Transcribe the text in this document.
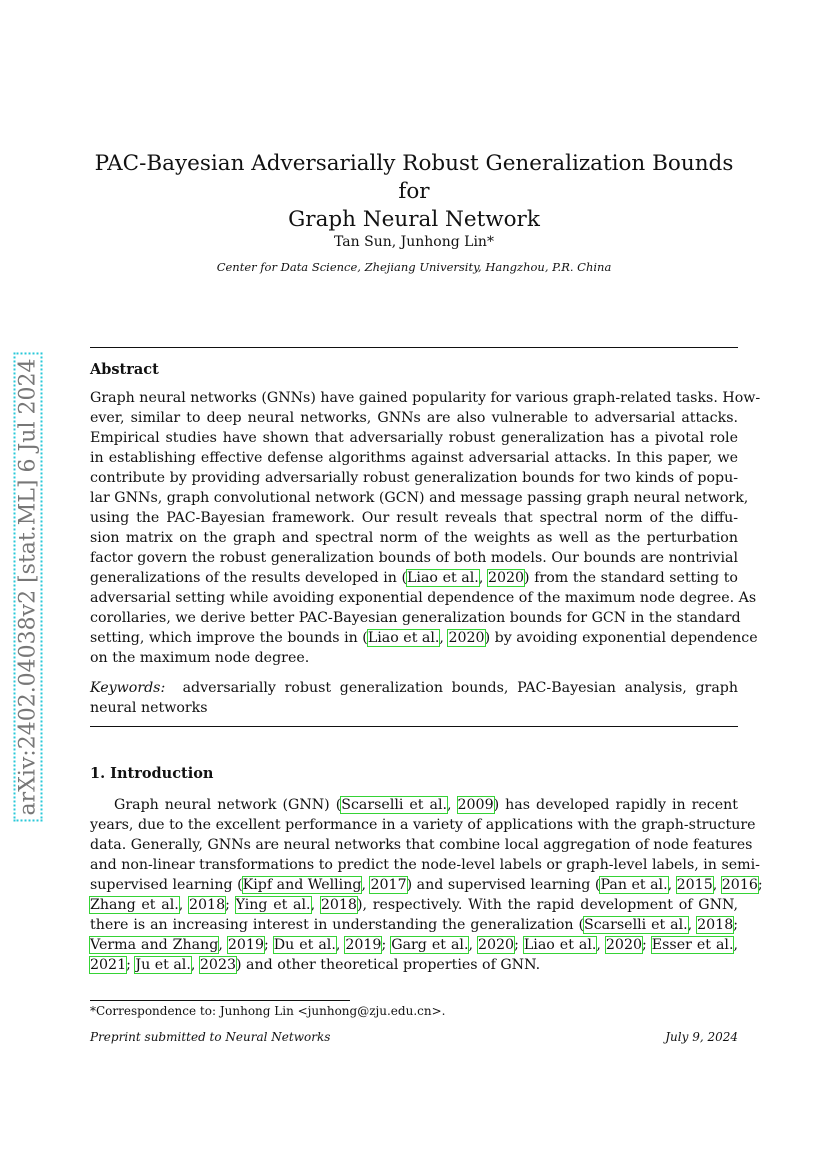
arXiv:2402.04038v2 [stat.ML] 6 Jul 2024
PAC-Bayesian Adversarially Robust Generalization Bounds for
Graph Neural Network
Tan Sun, Junhong Lin*
Center for Data Science, Zhejiang University, Hangzhou, P.R. China
Abstract
Graph neural networks (GNNs) have gained popularity for various graph-related tasks. How-
ever, similar to deep neural networks, GNNs are also vulnerable to adversarial attacks.
Empirical studies have shown that adversarially robust generalization has a pivotal role
in establishing effective defense algorithms against adversarial attacks. In this paper, we
contribute by providing adversarially robust generalization bounds for two kinds of popu-
lar GNNs, graph convolutional network (GCN) and message passing graph neural network,
using the PAC-Bayesian framework. Our result reveals that spectral norm of the diffu-
sion matrix on the graph and spectral norm of the weights as well as the perturbation
factor govern the robust generalization bounds of both models. Our bounds are nontrivial
generalizations of the results developed in (Liao et al., 2020) from the standard setting to
adversarial setting while avoiding exponential dependence of the maximum node degree. As
corollaries, we derive better PAC-Bayesian generalization bounds for GCN in the standard
setting, which improve the bounds in (Liao et al., 2020) by avoiding exponential dependence
on the maximum node degree.
Keywords: adversarially robust generalization bounds, PAC-Bayesian analysis, graph
neural networks
1. Introduction
Graph neural network (GNN) (Scarselli et al., 2009) has developed rapidly in recent
years, due to the excellent performance in a variety of applications with the graph-structure
data. Generally, GNNs are neural networks that combine local aggregation of node features
and non-linear transformations to predict the node-level labels or graph-level labels, in semi-
supervised learning (Kipf and Welling, 2017) and supervised learning (Pan et al., 2015, 2016;
Zhang et al., 2018; Ying et al., 2018), respectively. With the rapid development of GNN,
there is an increasing interest in understanding the generalization (Scarselli et al., 2018;
Verma and Zhang, 2019; Du et al., 2019; Garg et al., 2020; Liao et al., 2020; Esser et al.,
2021; Ju et al., 2023) and other theoretical properties of GNN.
*Correspondence to: Junhong Lin <junhong@zju.edu.cn>.
Preprint submitted to Neural Networks	July 9, 2024
